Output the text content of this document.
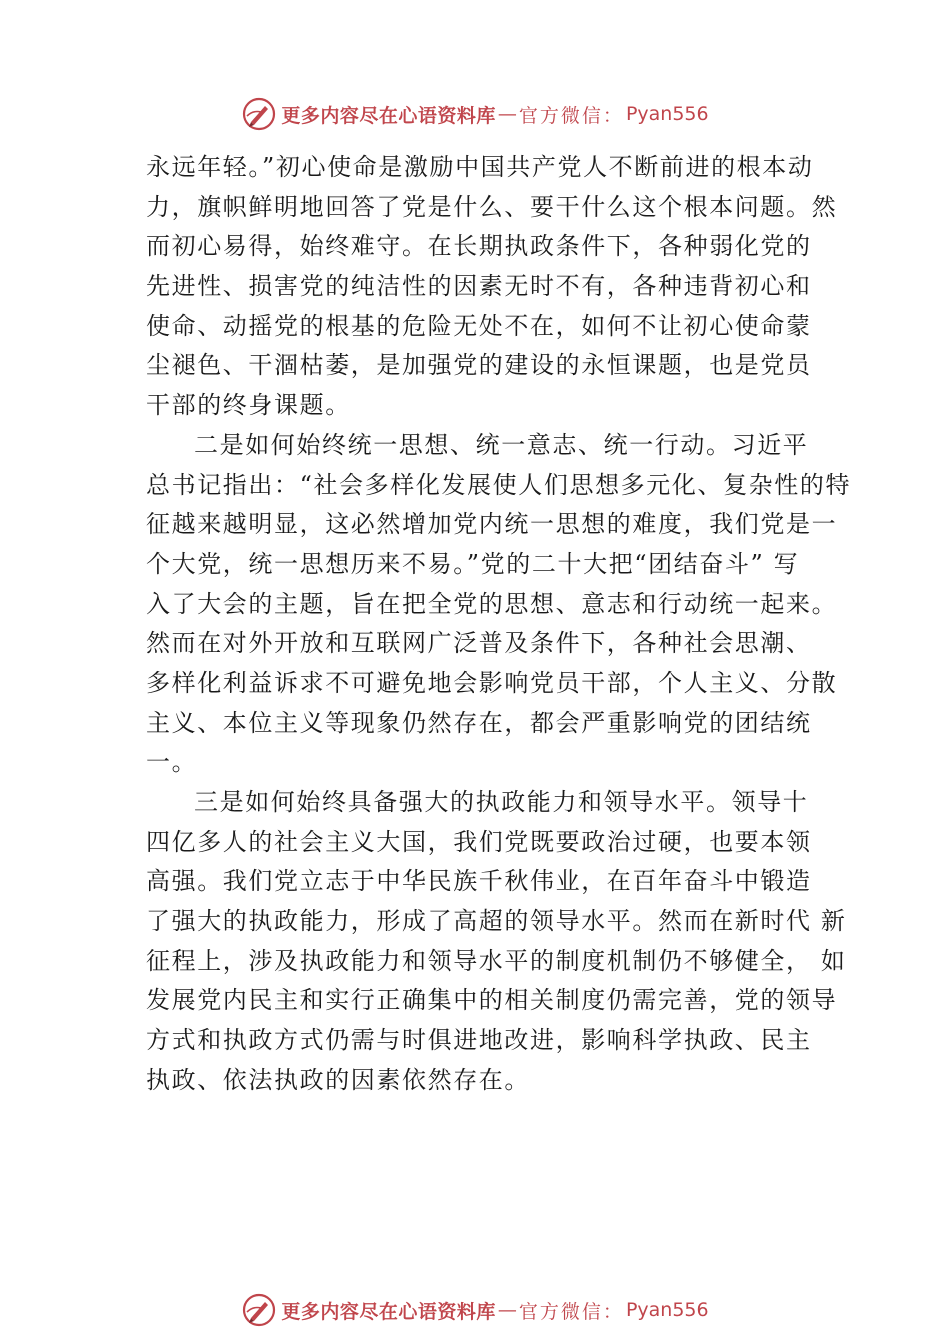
更多内容尽在心语资料库 — 官方微信： Pyan556
永远年轻。”初心使命是激励中国共产党人不断前进的根本动
力，旗帜鲜明地回答了党是什么、要干什么这个根本问题。然
而初心易得，始终难守。在长期执政条件下，各种弱化党的
先进性、损害党的纯洁性的因素无时不有，各种违背初心和
使命、动摇党的根基的危险无处不在，如何不让初心使命蒙
尘褪色、干涸枯萎，是加强党的建设的永恒课题，也是党员
干部的终身课题。
二是如何始终统一思想、统一意志、统一行动。习近平
总书记指出：“社会多样化发展使人们思想多元化、复杂性的特
征越来越明显，这必然增加党内统一思想的难度，我们党是一
个大党，统一思想历来不易。”党的二十大把“团结奋斗” 写
入了大会的主题，旨在把全党的思想、意志和行动统一起来。
然而在对外开放和互联网广泛普及条件下，各种社会思潮、
多样化利益诉求不可避免地会影响党员干部，个人主义、分散
主义、本位主义等现象仍然存在，都会严重影响党的团结统
一。
三是如何始终具备强大的执政能力和领导水平。领导十
四亿多人的社会主义大国，我们党既要政治过硬，也要本领
高强。我们党立志于中华民族千秋伟业，在百年奋斗中锻造
了强大的执政能力，形成了高超的领导水平。然而在新时代 新
征程上，涉及执政能力和领导水平的制度机制仍不够健全， 如
发展党内民主和实行正确集中的相关制度仍需完善，党的领导
方式和执政方式仍需与时俱进地改进，影响科学执政、民主
执政、依法执政的因素依然存在。
更多内容尽在心语资料库 — 官方微信： Pyan556
